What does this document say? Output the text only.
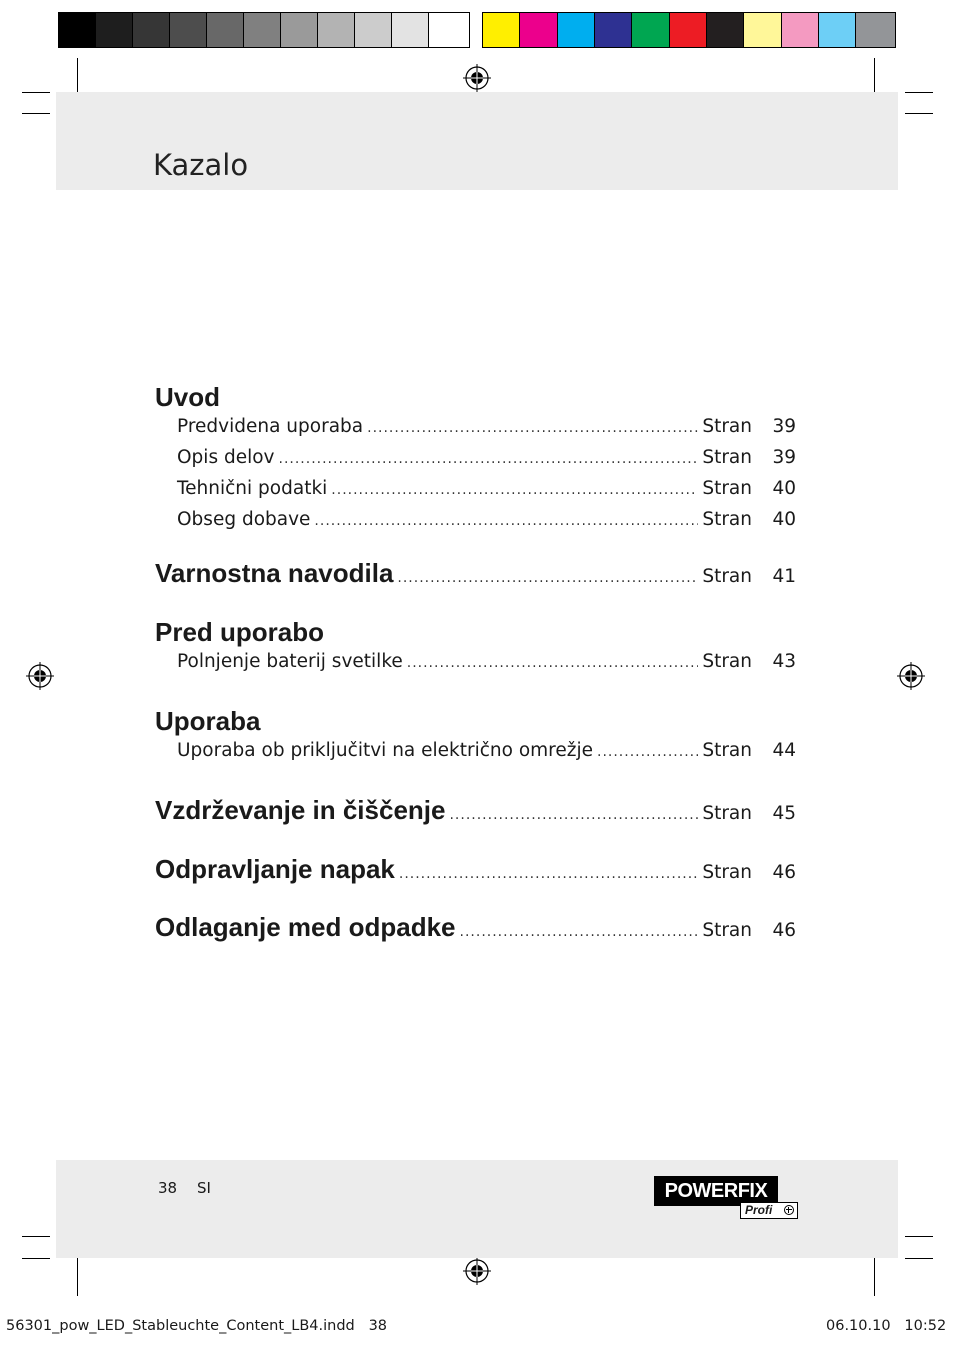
Kazalo
Uvod
Predvidena uporaba .....	Stran	39
Opis delov .....	Stran	39
Tehnični podatki .....	Stran	40
Obseg dobave .....	Stran	40
Varnostna navodila .....	Stran	41
Pred uporabo
Polnjenje baterij svetilke .....	Stran	43
Uporaba
Uporaba ob priključitvi na električno omrežje .....	Stran	44
Vzdrževanje in čiščenje .....	Stran	45
Odpravljanje napak .....	Stran	46
Odlaganje med odpadke .....	Stran	46
38 SI	POWERFIX
Profi
56301_pow_LED_Stableuchte_Content_LB4.indd   38	06.10.10   10:52
